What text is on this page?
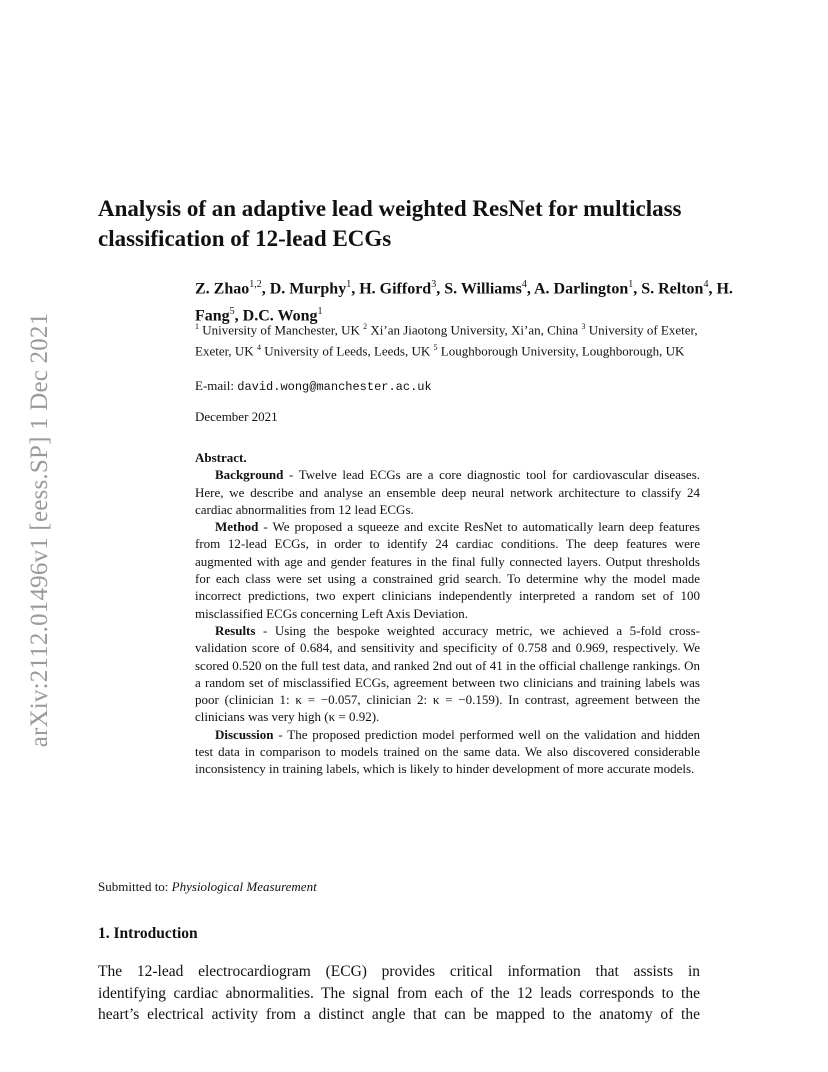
arXiv:2112.01496v1 [eess.SP] 1 Dec 2021
Analysis of an adaptive lead weighted ResNet for multiclass classification of 12-lead ECGs
Z. Zhao$^{1,2}$, D. Murphy$^1$, H. Gifford$^3$, S. Williams$^4$, A. Darlington$^1$, S. Relton$^4$, H. Fang$^5$, D.C. Wong$^1$
$^1$ University of Manchester, UK $^2$ Xi’an Jiaotong University, Xi’an, China $^3$ University of Exeter, Exeter, UK $^4$ University of Leeds, Leeds, UK $^5$ Loughborough University, Loughborough, UK
E-mail: david.wong@manchester.ac.uk
December 2021

Abstract.

Background - Twelve lead ECGs are a core diagnostic tool for cardiovascular diseases. Here, we describe and analyse an ensemble deep neural network architecture to classify 24 cardiac abnormalities from 12 lead ECGs.

Method - We proposed a squeeze and excite ResNet to automatically learn deep features from 12-lead ECGs, in order to identify 24 cardiac conditions. The deep features were augmented with age and gender features in the final fully connected layers. Output thresholds for each class were set using a constrained grid search. To determine why the model made incorrect predictions, two expert clinicians independently interpreted a random set of 100 misclassified ECGs concerning Left Axis Deviation.

Results - Using the bespoke weighted accuracy metric, we achieved a 5-fold cross-validation score of 0.684, and sensitivity and specificity of 0.758 and 0.969, respectively. We scored 0.520 on the full test data, and ranked 2nd out of 41 in the official challenge rankings. On a random set of misclassified ECGs, agreement between two clinicians and training labels was poor (clinician 1: κ = −0.057, clinician 2: κ = −0.159). In contrast, agreement between the clinicians was very high (κ = 0.92).

Discussion - The proposed prediction model performed well on the validation and hidden test data in comparison to models trained on the same data. We also discovered considerable inconsistency in training labels, which is likely to hinder development of more accurate models.

Submitted to: Physiological Measurement
1. Introduction
The 12-lead electrocardiogram (ECG) provides critical information that assists in
identifying cardiac abnormalities. The signal from each of the 12 leads corresponds to the
heart’s electrical activity from a distinct angle that can be mapped to the anatomy of the
